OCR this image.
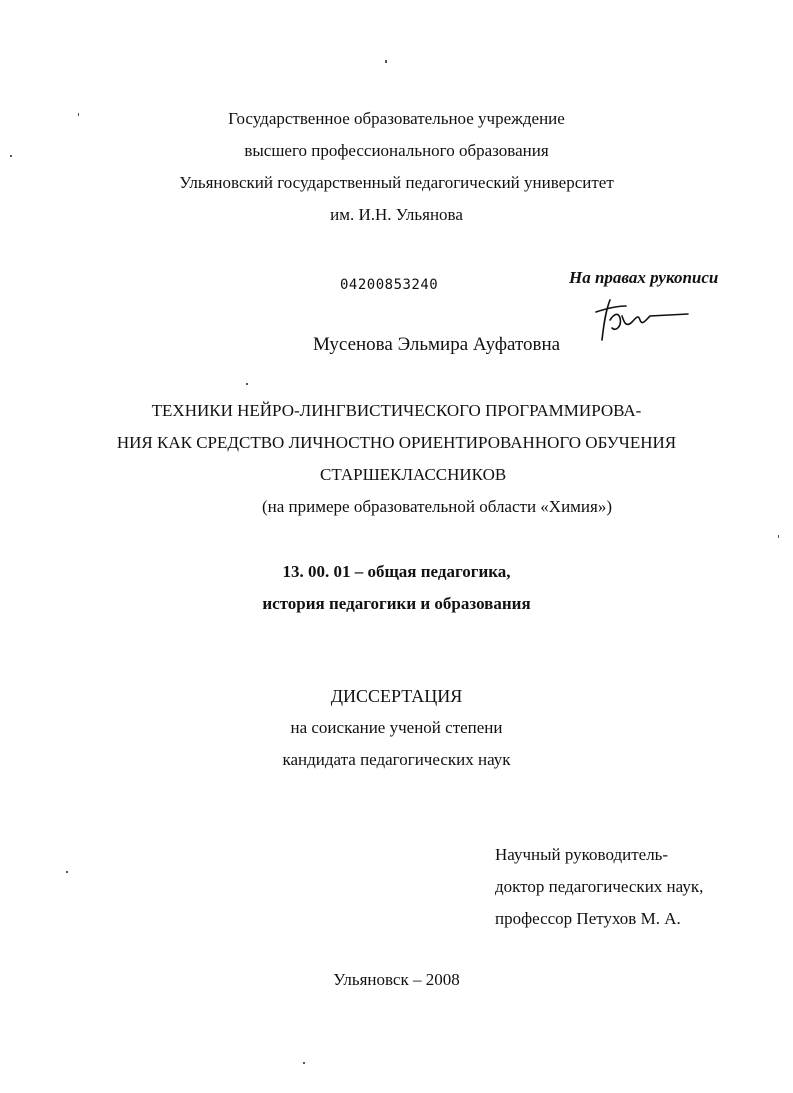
Государственное образовательное учреждение
высшего профессионального образования
Ульяновский государственный педагогический университет
им. И.Н. Ульянова
04200853240	На правах рукописи
Мусенова Эльмира Ауфатовна
ТЕХНИКИ НЕЙРО-ЛИНГВИСТИЧЕСКОГО ПРОГРАММИРОВА-
НИЯ КАК СРЕДСТВО ЛИЧНОСТНО ОРИЕНТИРОВАННОГО ОБУЧЕНИЯ
СТАРШЕКЛАССНИКОВ
(на примере образовательной области «Химия»)
13. 00. 01 – общая педагогика,
история педагогики и образования
ДИССЕРТАЦИЯ
на соискание ученой степени
кандидата педагогических наук
Научный руководитель-
доктор педагогических наук,
профессор Петухов М. А.
Ульяновск – 2008
